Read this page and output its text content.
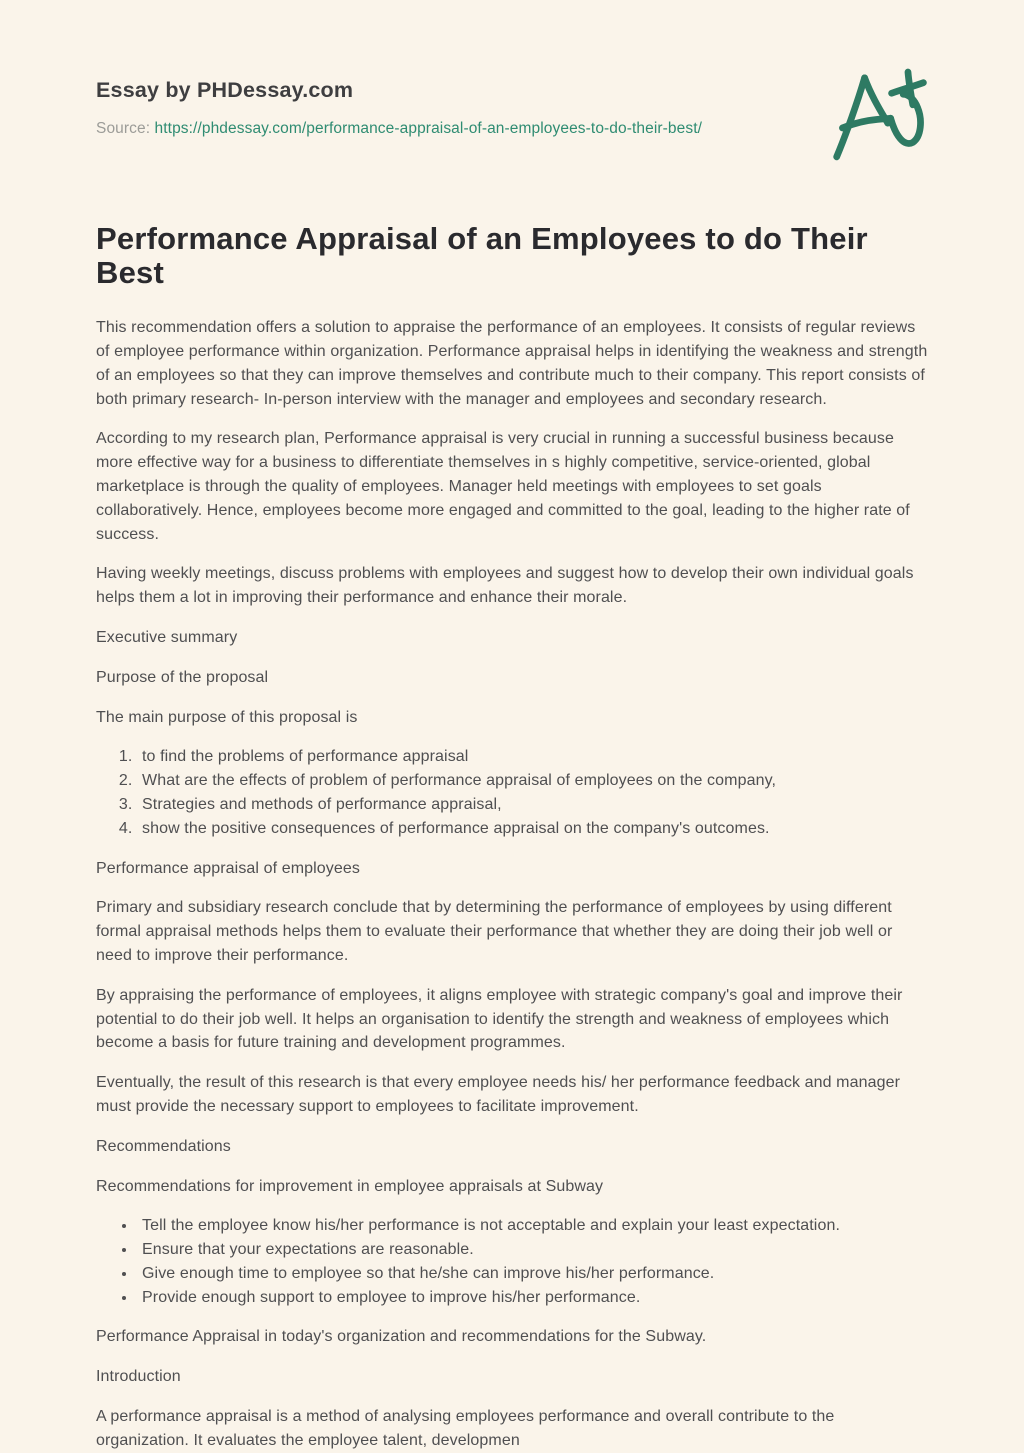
Essay by PHDessay.com
Source: https://phdessay.com/performance-appraisal-of-an-employees-to-do-their-best/
Performance Appraisal of an Employees to do Their Best

This recommendation offers a solution to appraise the performance of an employees. It consists of regular reviews of employee performance within organization. Performance appraisal helps in identifying the weakness and strength of an employees so that they can improve themselves and contribute much to their company. This report consists of both primary research- In-person interview with the manager and employees and secondary research.

According to my research plan, Performance appraisal is very crucial in running a successful business because more effective way for a business to differentiate themselves in s highly competitive, service-oriented, global marketplace is through the quality of employees. Manager held meetings with employees to set goals collaboratively. Hence, employees become more engaged and committed to the goal, leading to the higher rate of success.

Having weekly meetings, discuss problems with employees and suggest how to develop their own individual goals helps them a lot in improving their performance and enhance their morale.

Executive summary

Purpose of the proposal

The main purpose of this proposal is

1. to find the problems of performance appraisal
2. What are the effects of problem of performance appraisal of employees on the company,
3. Strategies and methods of performance appraisal,
4. show the positive consequences of performance appraisal on the company's outcomes.

Performance appraisal of employees

Primary and subsidiary research conclude that by determining the performance of employees by using different formal appraisal methods helps them to evaluate their performance that whether they are doing their job well or need to improve their performance.

By appraising the performance of employees, it aligns employee with strategic company's goal and improve their potential to do their job well. It helps an organisation to identify the strength and weakness of employees which become a basis for future training and development programmes.

Eventually, the result of this research is that every employee needs his/ her performance feedback and manager must provide the necessary support to employees to facilitate improvement.

Recommendations

Recommendations for improvement in employee appraisals at Subway

• Tell the employee know his/her performance is not acceptable and explain your least expectation.
• Ensure that your expectations are reasonable.
• Give enough time to employee so that he/she can improve his/her performance.
• Provide enough support to employee to improve his/her performance.

Performance Appraisal in today's organization and recommendations for the Subway.

Introduction

A performance appraisal is a method of analysing employees performance and overall contribute to the organization. It evaluates the employee talent, developmen
